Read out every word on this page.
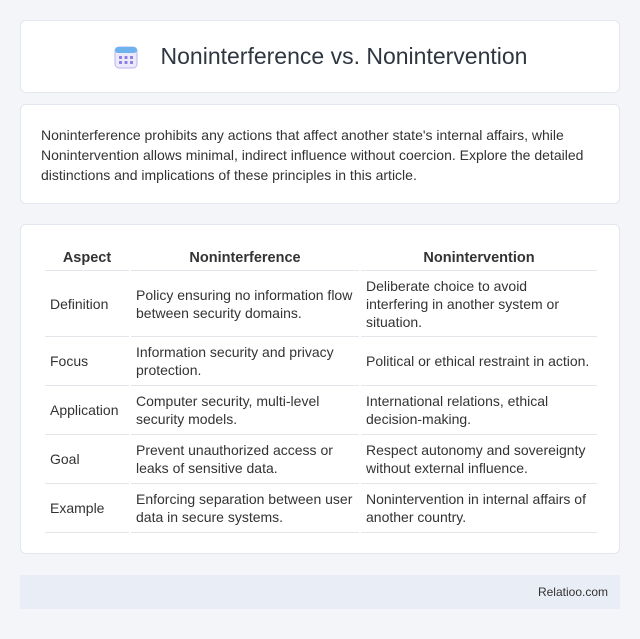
Noninterference vs. Nonintervention

Noninterference prohibits any actions that affect another state's internal affairs, while Nonintervention allows minimal, indirect influence without coercion. Explore the detailed distinctions and implications of these principles in this article.

Aspect	Noninterference	Nonintervention
Definition	Policy ensuring no information flow between security domains.	Deliberate choice to avoid interfering in another system or situation.
Focus	Information security and privacy protection.	Political or ethical restraint in action.
Application	Computer security, multi-level security models.	International relations, ethical decision-making.
Goal	Prevent unauthorized access or leaks of sensitive data.	Respect autonomy and sovereignty without external influence.
Example	Enforcing separation between user data in secure systems.	Nonintervention in internal affairs of another country.
Relatioo.com
